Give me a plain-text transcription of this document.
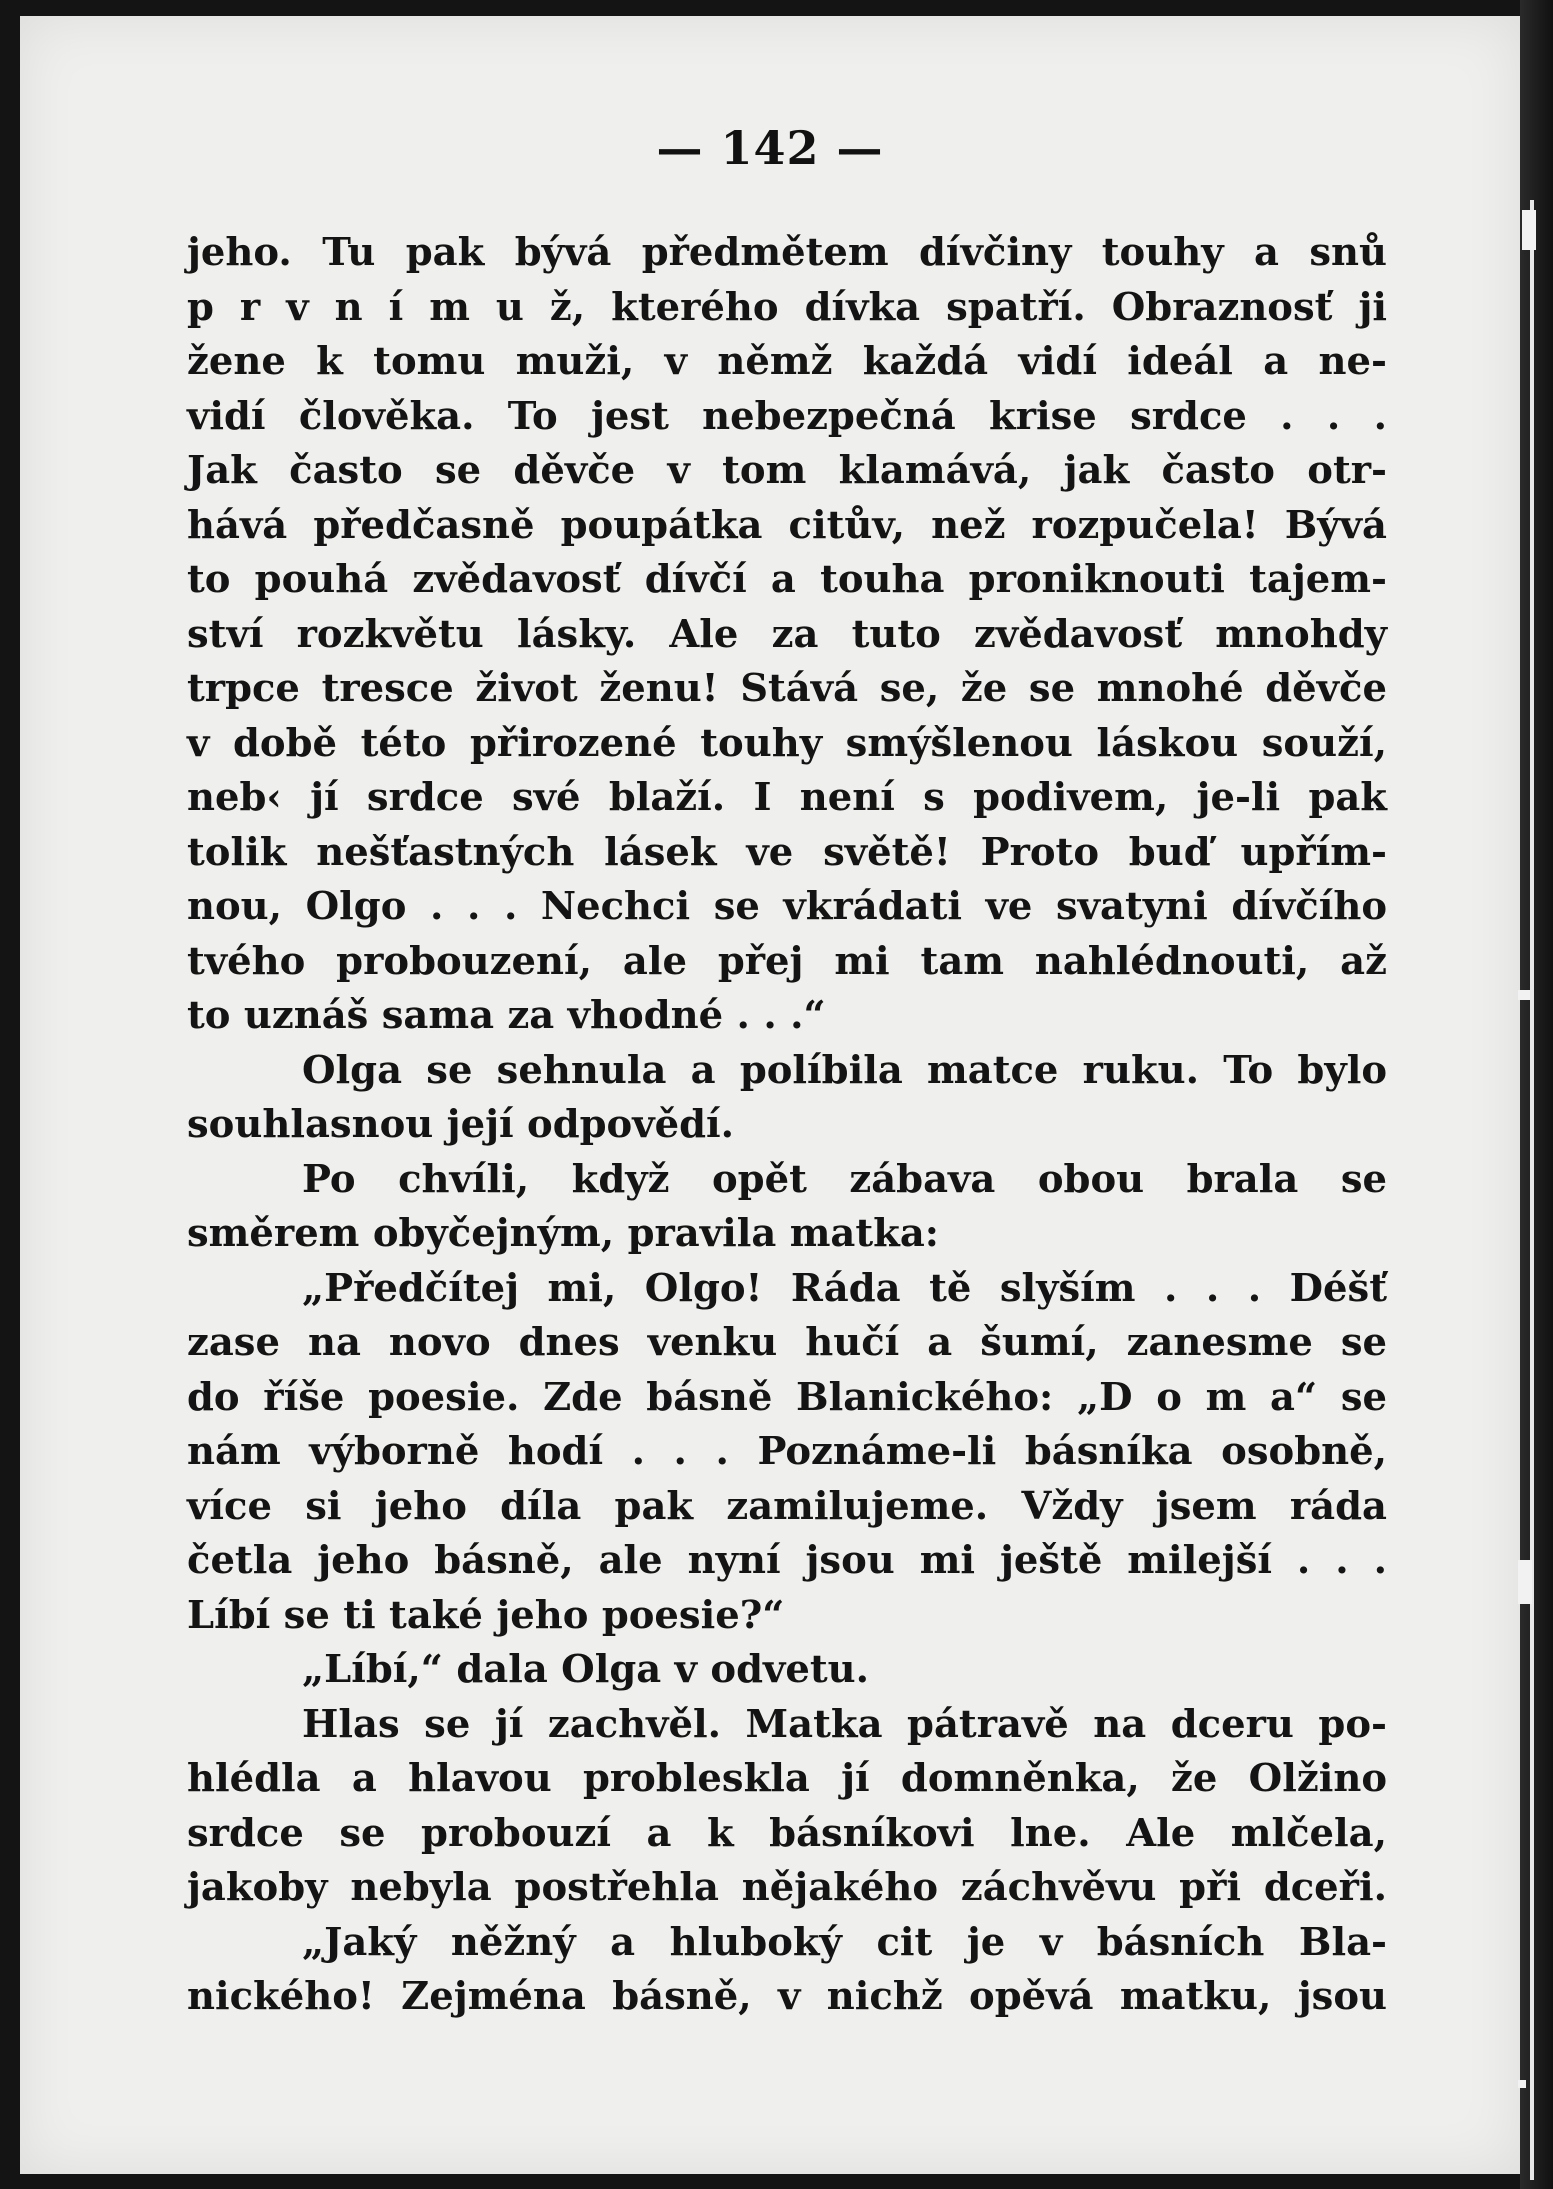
— 142 —
jeho. Tu pak bývá předmětem dívčiny touhy a snů
p r v n í m u ž, kterého dívka spatří. Obraznosť ji
žene k tomu muži, v němž každá vidí ideál a ne-
vidí člověka. To jest nebezpečná krise srdce . . .
Jak často se děvče v tom klamává, jak často otr-
hává předčasně poupátka citův, než rozpučela! Bývá
to pouhá zvědavosť dívčí a touha proniknouti tajem-
ství rozkvětu lásky. Ale za tuto zvědavosť mnohdy
trpce tresce život ženu! Stává se, že se mnohé děvče
v době této přirozené touhy smýšlenou láskou souží,
neb‹ jí srdce své blaží. I není s podivem, je-li pak
tolik nešťastných lásek ve světě! Proto buď upřím-
nou, Olgo . . . Nechci se vkrádati ve svatyni dívčího
tvého probouzení, ale přej mi tam nahlédnouti, až
to uznáš sama za vhodné . . .“
Olga se sehnula a políbila matce ruku. To bylo
souhlasnou její odpovědí.
Po chvíli, když opět zábava obou brala se
směrem obyčejným, pravila matka:
„Předčítej mi, Olgo! Ráda tě slyším . . . Déšť
zase na novo dnes venku hučí a šumí, zanesme se
do říše poesie. Zde básně Blanického: „D o m a“ se
nám výborně hodí . . . Poznáme-li básníka osobně,
více si jeho díla pak zamilujeme. Vždy jsem ráda
četla jeho básně, ale nyní jsou mi ještě milejší . . .
Líbí se ti také jeho poesie?“
„Líbí,“ dala Olga v odvetu.
Hlas se jí zachvěl. Matka pátravě na dceru po-
hlédla a hlavou probleskla jí domněnka, že Olžino
srdce se probouzí a k básníkovi lne. Ale mlčela,
jakoby nebyla postřehla nějakého záchvěvu při dceři.
„Jaký něžný a hluboký cit je v básních Bla-
nického! Zejména básně, v nichž opěvá matku, jsou
